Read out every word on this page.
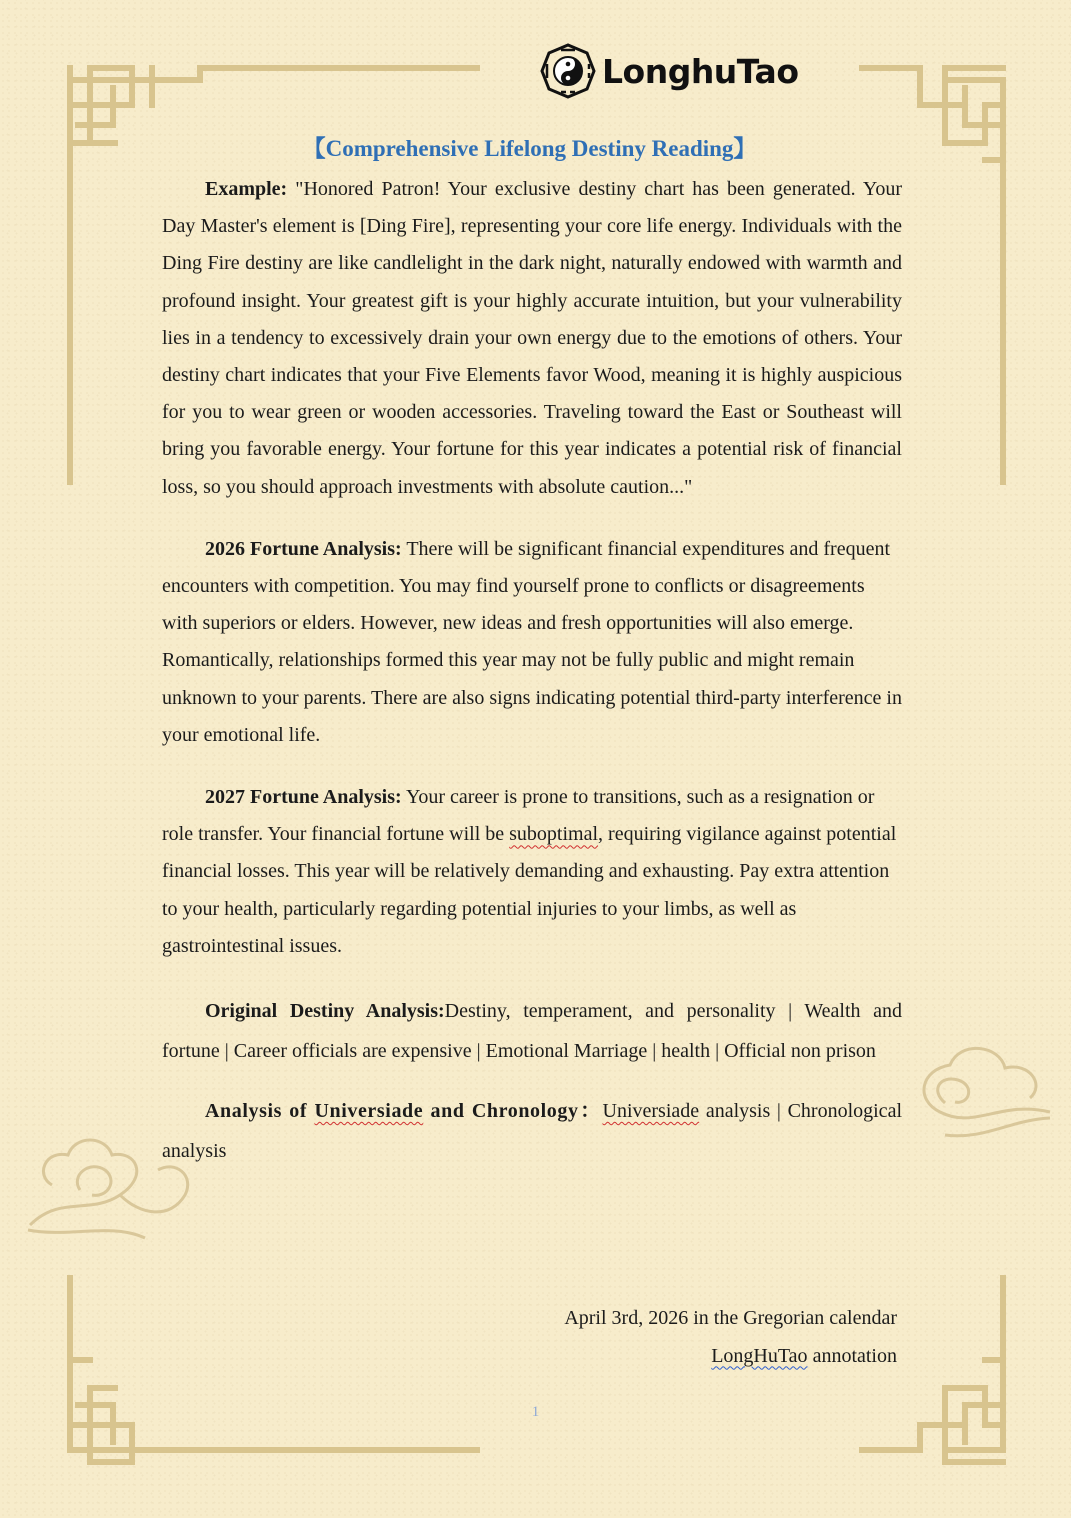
LonghuTao
【Comprehensive Lifelong Destiny Reading】

Example: "Honored Patron! Your exclusive destiny chart has been generated. Your Day Master's element is [Ding Fire], representing your core life energy. Individuals with the Ding Fire destiny are like candlelight in the dark night, naturally endowed with warmth and profound insight. Your greatest gift is your highly accurate intuition, but your vulnerability lies in a tendency to excessively drain your own energy due to the emotions of others. Your destiny chart indicates that your Five Elements favor Wood, meaning it is highly auspicious for you to wear green or wooden accessories. Traveling toward the East or Southeast will bring you favorable energy. Your fortune for this year indicates a potential risk of financial loss, so you should approach investments with absolute caution..."

2026 Fortune Analysis: There will be significant financial expenditures and frequent encounters with competition. You may find yourself prone to conflicts or disagreements with superiors or elders. However, new ideas and fresh opportunities will also emerge. Romantically, relationships formed this year may not be fully public and might remain unknown to your parents. There are also signs indicating potential third-party interference in your emotional life.

2027 Fortune Analysis: Your career is prone to transitions, such as a resignation or role transfer. Your financial fortune will be suboptimal, requiring vigilance against potential financial losses. This year will be relatively demanding and exhausting. Pay extra attention to your health, particularly regarding potential injuries to your limbs, as well as gastrointestinal issues.

Original Destiny Analysis:Destiny, temperament, and personality | Wealth and fortune | Career officials are expensive | Emotional Marriage | health | Official non prison

Analysis of Universiade and Chronology：Universiade analysis | Chronological analysis

April 3rd, 2026 in the Gregorian calendar
LongHuTao annotation
1
